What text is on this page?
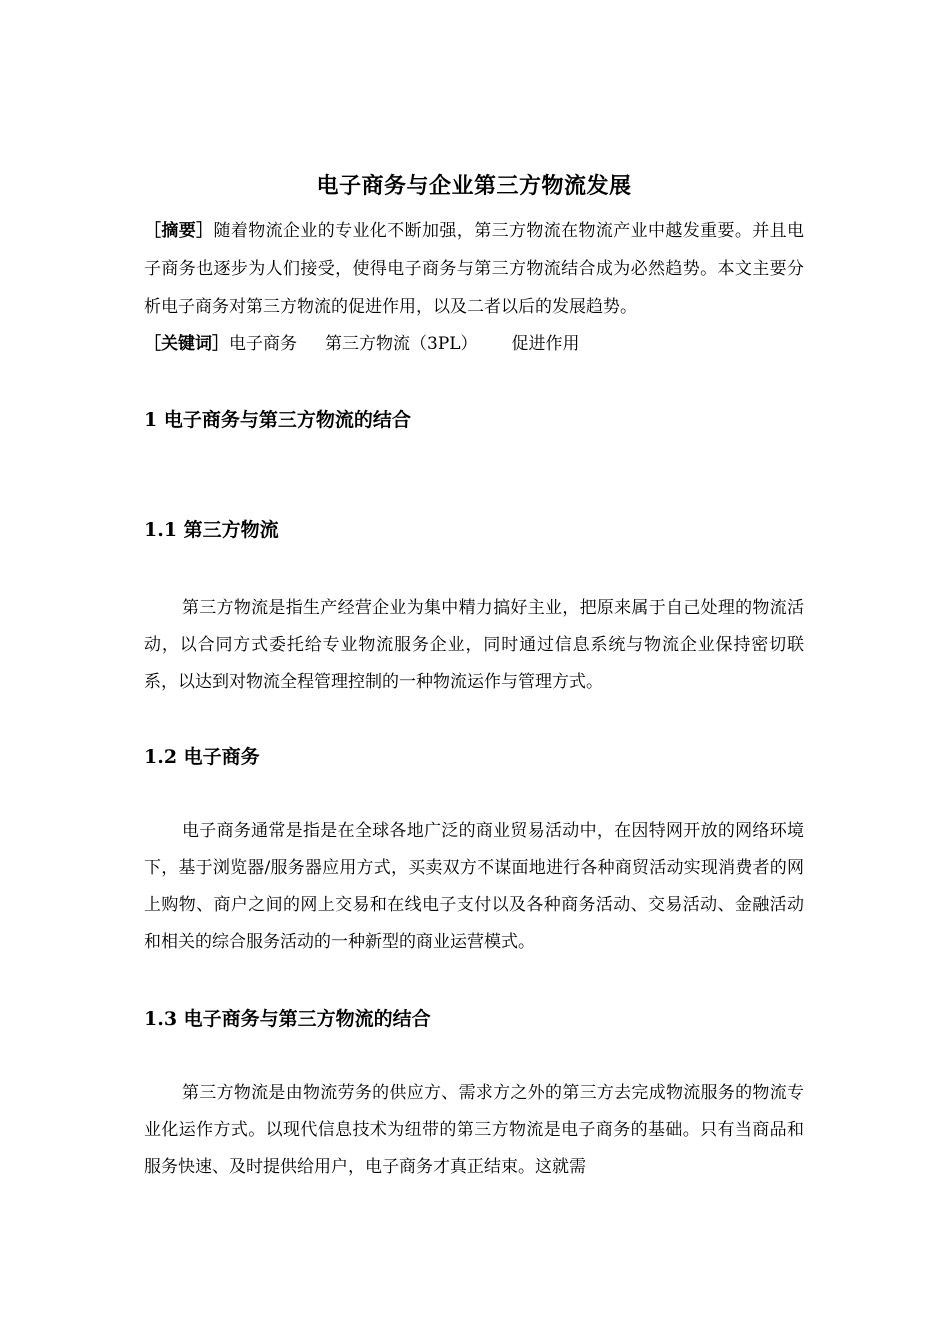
电子商务与企业第三方物流发展

［摘要］随着物流企业的专业化不断加强，第三方物流在物流产业中越发重要。并且电子商务也逐步为人们接受，使得电子商务与第三方物流结合成为必然趋势。本文主要分析电子商务对第三方物流的促进作用，以及二者以后的发展趋势。

［关键词］电子商务 第三方物流（3PL） 促进作用

1 电子商务与第三方物流的结合
1.1 第三方物流

第三方物流是指生产经营企业为集中精力搞好主业，把原来属于自己处理的物流活动，以合同方式委托给专业物流服务企业，同时通过信息系统与物流企业保持密切联系，以达到对物流全程管理控制的一种物流运作与管理方式。

1.2 电子商务

电子商务通常是指是在全球各地广泛的商业贸易活动中，在因特网开放的网络环境下，基于浏览器/服务器应用方式，买卖双方不谋面地进行各种商贸活动实现消费者的网上购物、商户之间的网上交易和在线电子支付以及各种商务活动、交易活动、金融活动和相关的综合服务活动的一种新型的商业运营模式。

1.3 电子商务与第三方物流的结合

第三方物流是由物流劳务的供应方、需求方之外的第三方去完成物流服务的物流专业化运作方式。以现代信息技术为纽带的第三方物流是电子商务的基础。只有当商品和服务快速、及时提供给用户，电子商务才真正结束。这就需
